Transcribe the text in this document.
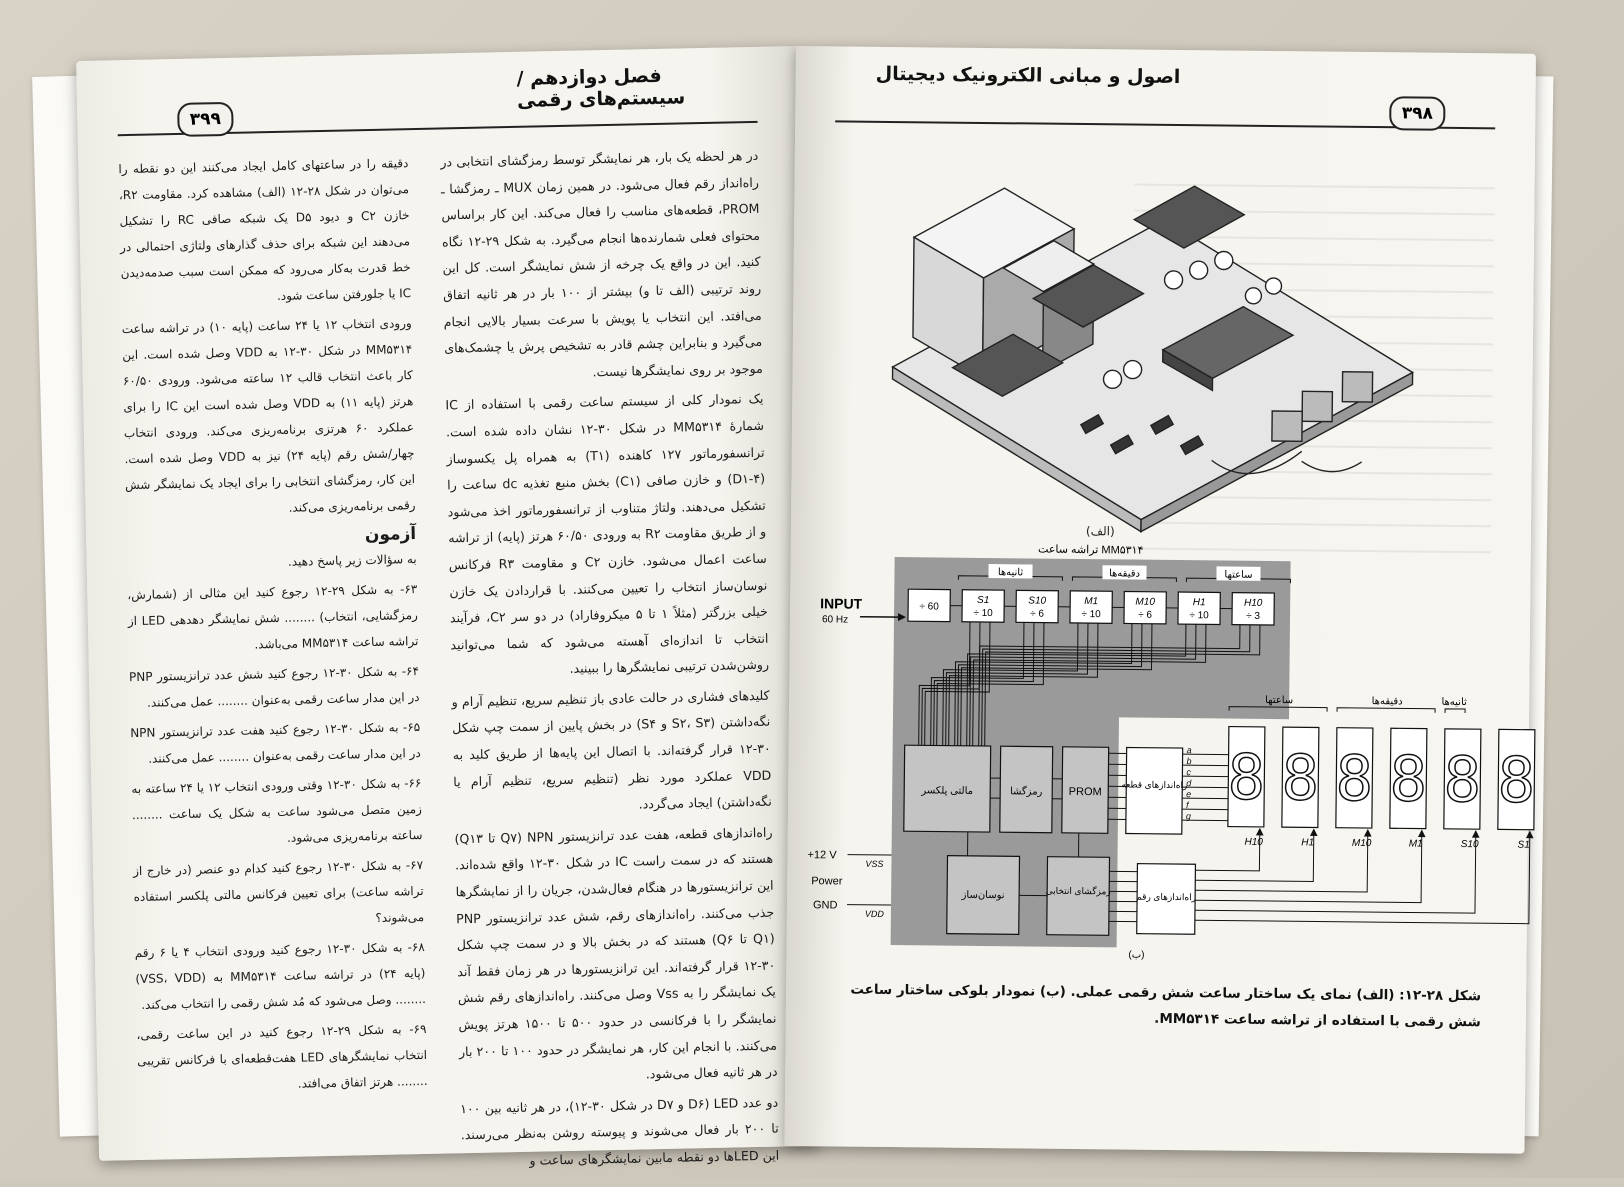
فصل دوازدهم / سیستم‌های رقمی
۳۹۹

در هر لحظه یک بار، هر نمایشگر توسط رمزگشای انتخابی در راه‌انداز رقم فعال می‌شود. در همین زمان MUX ـ رمزگشا ـ PROM، قطعه‌های مناسب را فعال می‌کند. این کار براساس محتوای فعلی شمارنده‌ها انجام می‌گیرد. به شکل ۲۹-۱۲ نگاه کنید. این در واقع یک چرخه از شش نمایشگر است. کل این روند ترتیبی (الف تا و) بیشتر از ۱۰۰ بار در هر ثانیه اتفاق می‌افتد. این انتخاب یا پویش با سرعت بسیار بالایی انجام می‌گیرد و بنابراین چشم قادر به تشخیص پرش یا چشمک‌های موجود بر روی نمایشگرها نیست.

یک نمودار کلی از سیستم ساعت رقمی با استفاده از IC شمارهٔ MM۵۳۱۴ در شکل ۳۰-۱۲ نشان داده شده است. ترانسفورماتور ۱۲۷ کاهنده (T۱) به همراه پل یکسوساز (D۱-۴) و خازن صافی (C۱) بخش منبع تغذیه dc ساعت را تشکیل می‌دهند. ولتاژ متناوب از ترانسفورماتور اخذ می‌شود و از طریق مقاومت R۲ به ورودی ۶۰/۵۰ هرتز (پایه) از تراشه ساعت اعمال می‌شود. خازن C۲ و مقاومت R۳ فرکانس نوسان‌ساز انتخاب را تعیین می‌کنند. با قراردادن یک خازن خیلی بزرگتر (مثلاً ۱ تا ۵ میکروفاراد) در دو سر C۲، فرآیند انتخاب تا اندازه‌ای آهسته می‌شود که شما می‌توانید روشن‌شدن ترتیبی نمایشگرها را ببینید.

کلیدهای فشاری در حالت عادی باز تنظیم سریع، تنظیم آرام و نگه‌داشتن (S۲، S۳ و S۴) در بخش پایین از سمت چپ شکل ۳۰-۱۲ قرار گرفته‌اند. با اتصال این پایه‌ها از طریق کلید به VDD عملکرد مورد نظر (تنظیم سریع، تنظیم آرام یا نگه‌داشتن) ایجاد می‌گردد.

راه‌اندازهای قطعه، هفت عدد ترانزیستور NPN (Q۷ تا Q۱۳) هستند که در سمت راست IC در شکل ۳۰-۱۲ واقع شده‌اند. این ترانزیستورها در هنگام فعال‌شدن، جریان را از نمایشگرها جذب می‌کنند. راه‌اندازهای رقم، شش عدد ترانزیستور PNP (Q۱ تا Q۶) هستند که در بخش بالا و در سمت چپ شکل ۳۰-۱۲ قرار گرفته‌اند. این ترانزیستورها در هر زمان فقط آند یک نمایشگر را به Vss وصل می‌کنند. راه‌اندازهای رقم شش نمایشگر را با فرکانسی در حدود ۵۰۰ تا ۱۵۰۰ هرتز پویش می‌کنند. با انجام این کار، هر نمایشگر در حدود ۱۰۰ تا ۲۰۰ بار در هر ثانیه فعال می‌شود.

دو عدد LED (D۶ و D۷ در شکل ۳۰-۱۲)، در هر ثانیه بین ۱۰۰ تا ۲۰۰ بار فعال می‌شوند و پیوسته روشن به‌نظر می‌رسند. این LEDها دو نقطه مابین نمایشگرهای ساعت و

دقیقه را در ساعتهای کامل ایجاد می‌کنند این دو نقطه را می‌توان در شکل ۲۸-۱۲ (الف) مشاهده کرد. مقاومت R۲، خازن C۲ و دیود D۵ یک شبکه صافی RC را تشکیل می‌دهند این شبکه برای حذف گذارهای ولتاژی احتمالی در خط قدرت به‌کار می‌رود که ممکن است سبب صدمه‌دیدن IC یا جلورفتن ساعت شود.

ورودی انتخاب ۱۲ یا ۲۴ ساعت (پایه ۱۰) در تراشه ساعت MM۵۳۱۴ در شکل ۳۰-۱۲ به VDD وصل شده است. این کار باعث انتخاب قالب ۱۲ ساعته می‌شود. ورودی ۶۰/۵۰ هرتز (پایه ۱۱) به VDD وصل شده است این IC را برای عملکرد ۶۰ هرتزی برنامه‌ریزی می‌کند. ورودی انتخاب چهار/شش رقم (پایه ۲۴) نیز به VDD وصل شده است. این کار، رمزگشای انتخابی را برای ایجاد یک نمایشگر شش رقمی برنامه‌ریزی می‌کند.

آزمون
به سؤالات زیر پاسخ دهید.
۶۳- به شکل ۲۹-۱۲ رجوع کنید این مثالی از (شمارش، رمزگشایی، انتخاب) ........ شش نمایشگر دهدهی LED از تراشه ساعت MM۵۳۱۴ می‌باشد.
۶۴- به شکل ۳۰-۱۲ رجوع کنید شش عدد ترانزیستور PNP در این مدار ساعت رقمی به‌عنوان ........ عمل می‌کنند.
۶۵- به شکل ۳۰-۱۲ رجوع کنید هفت عدد ترانزیستور NPN در این مدار ساعت رقمی به‌عنوان ........ عمل می‌کنند.
۶۶- به شکل ۳۰-۱۲ وقتی ورودی انتخاب ۱۲ یا ۲۴ ساعته به زمین متصل می‌شود ساعت به شکل یک ساعت ........ ساعته برنامه‌ریزی می‌شود.
۶۷- به شکل ۳۰-۱۲ رجوع کنید کدام دو عنصر (در خارج از تراشه ساعت) برای تعیین فرکانس مالتی پلکسر استفاده می‌شوند؟
۶۸- به شکل ۳۰-۱۲ رجوع کنید ورودی انتخاب ۴ یا ۶ رقم (پایه ۲۴) در تراشه ساعت MM۵۳۱۴ به (VSS، VDD) ........ وصل می‌شود که مُد شش رقمی را انتخاب می‌کند.
۶۹- به شکل ۲۹-۱۲ رجوع کنید در این ساعت رقمی، انتخاب نمایشگرهای LED هفت‌قطعه‌ای با فرکانس تقریبی ........ هرتز اتفاق می‌افتد.
اصول و مبانی الکترونیک دیجیتال
۳۹۸
(الف)
تراشه ساعت MM۵۳۱۴
INPUT
60 Hz
ثانیه‌ها	دقیقه‌ها	ساعتها
÷ 60
S1
÷ 10
S10
÷ 6
M1
÷ 10
M10
÷ 6
H1
÷ 10
H10
÷ 3
مالتی پلکسر	رمزگشا PROM
راه‌اندازهای قطعه
a
b
c
d
e
f
g
نوسان‌ساز	رمزگشای انتخابی
راه‌اندازهای رقم
ساعتها	دقیقه‌ها	ثانیه‌ها
8
H10
8
H1
8
M10
8
M1
8
S10
8
S1
+12 V
Power
GND
VSS
VDD
(ب)
شکل ۲۸-۱۲: (الف) نمای یک ساختار ساعت شش رقمی عملی. (ب) نمودار بلوکی ساختار ساعت شش رقمی با استفاده از تراشه ساعت MM۵۳۱۴.
